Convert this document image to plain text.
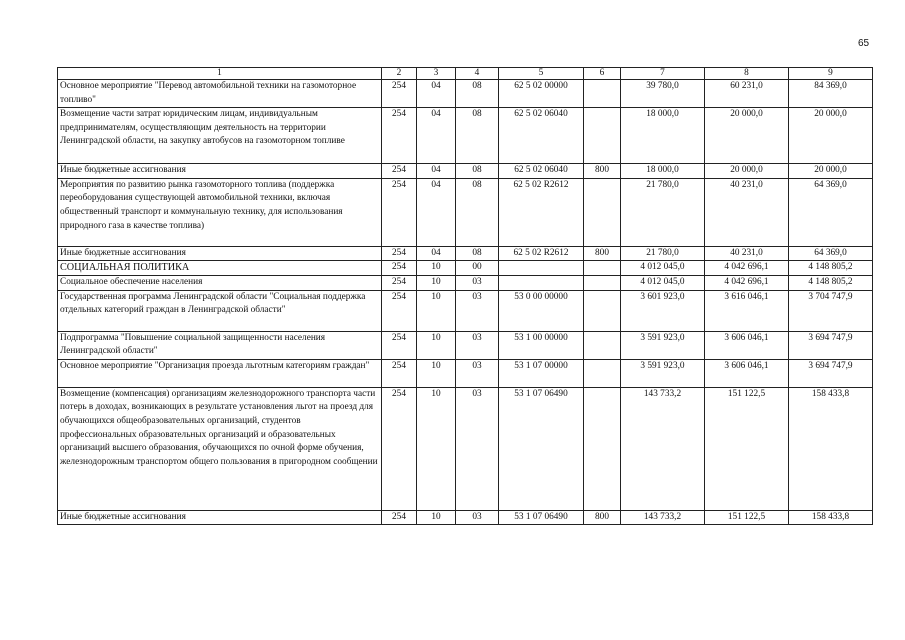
65
1	2	3	4	5	6	7	8	9
Основное мероприятие "Перевод автомобильной техники на газомоторное топливо"	254	04	08	62 5 02 00000		39 780,0	60 231,0	84 369,0
Возмещение части затрат юридическим лицам, индивидуальным предпринимателям, осуществляющим деятельность на территории Ленинградской области, на закупку автобусов на газомоторном топливе	254	04	08	62 5 02 06040		18 000,0	20 000,0	20 000,0
Иные бюджетные ассигнования	254	04	08	62 5 02 06040	800	18 000,0	20 000,0	20 000,0
Мероприятия по развитию рынка газомоторного топлива (поддержка переоборудования существующей автомобильной техники, включая общественный транспорт и коммунальную технику, для использования природного газа в качестве топлива)	254	04	08	62 5 02 R2612		21 780,0	40 231,0	64 369,0
Иные бюджетные ассигнования	254	04	08	62 5 02 R2612	800	21 780,0	40 231,0	64 369,0
СОЦИАЛЬНАЯ ПОЛИТИКА	254	10	00			4 012 045,0	4 042 696,1	4 148 805,2
Социальное обеспечение населения	254	10	03			4 012 045,0	4 042 696,1	4 148 805,2
Государственная программа Ленинградской области "Социальная поддержка отдельных категорий граждан в Ленинградской области"	254	10	03	53 0 00 00000		3 601 923,0	3 616 046,1	3 704 747,9
Подпрограмма "Повышение социальной защищенности населения Ленинградской области"	254	10	03	53 1 00 00000		3 591 923,0	3 606 046,1	3 694 747,9
Основное мероприятие "Организация проезда льготным категориям граждан"	254	10	03	53 1 07 00000		3 591 923,0	3 606 046,1	3 694 747,9
Возмещение (компенсация) организациям железнодорожного транспорта части потерь в доходах, возникающих в результате установления льгот на проезд для обучающихся общеобразовательных организаций, студентов профессиональных образовательных организаций и образовательных организаций высшего образования, обучающихся по очной форме обучения, железнодорожным транспортом общего пользования в пригородном сообщении	254	10	03	53 1 07 06490		143 733,2	151 122,5	158 433,8
Иные бюджетные ассигнования	254	10	03	53 1 07 06490	800	143 733,2	151 122,5	158 433,8
